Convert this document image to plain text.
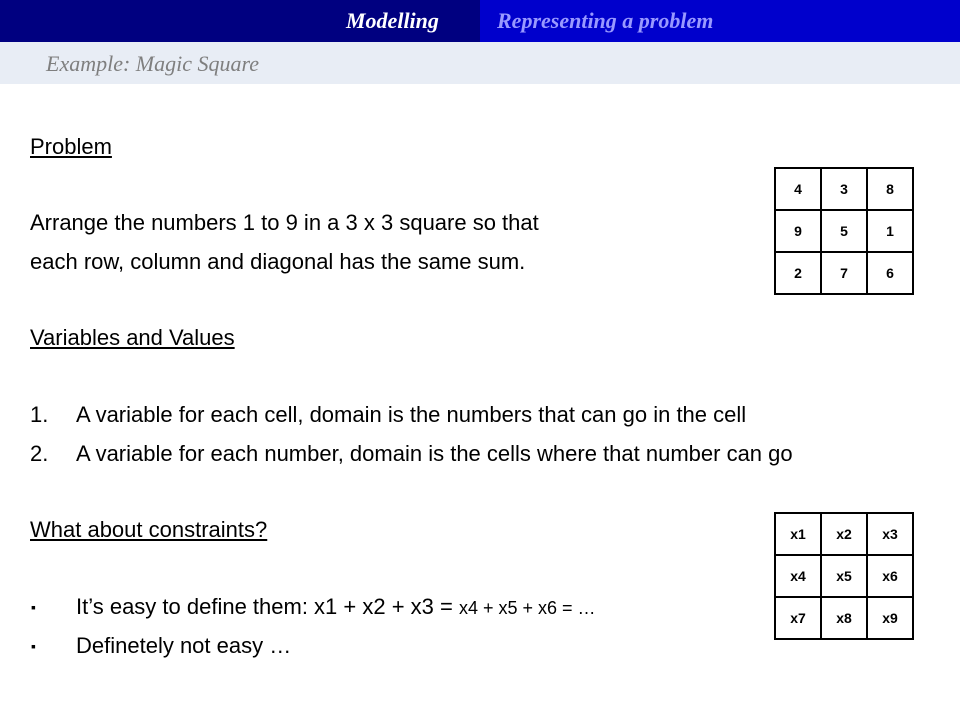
Modelling	Representing a problem
Example: Magic Square
Problem
Arrange the numbers 1 to 9 in a 3 x 3 square so that
each row, column and diagonal has the same sum.
Variables and Values
1. A variable for each cell, domain is the numbers that can go in the cell
2. A variable for each number, domain is the cells where that number can go
What about constraints?
▪ It’s easy to define them: x1 + x2 + x3 = x4 + x5 + x6 = …
▪ Definetely not easy …
4	3	8
9	5	1
2	7	6
x1	x2	x3
x4	x5	x6
x7	x8	x9
